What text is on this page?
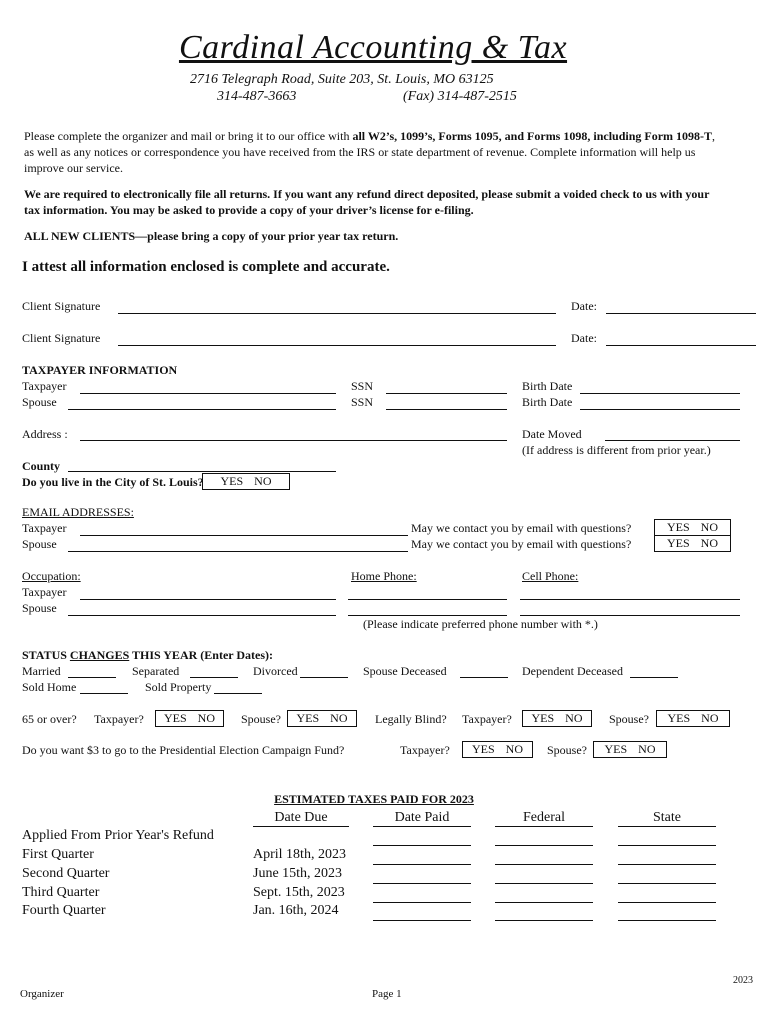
Cardinal Accounting & Tax
2716 Telegraph Road, Suite 203, St. Louis, MO 63125
314-487-3663	(Fax) 314-487-2515
Please complete the organizer and mail or bring it to our office with all W2’s, 1099’s, Forms 1095, and Forms 1098, including Form 1098-T, as well as any notices or correspondence you have received from the IRS or state department of revenue. Complete information will help us improve our service.
We are required to electronically file all returns. If you want any refund direct deposited, please submit a voided check to us with your tax information. You may be asked to provide a copy of your driver’s license for e-filing.
ALL NEW CLIENTS—please bring a copy of your prior year tax return.
I attest all information enclosed is complete and accurate.
Client Signature	Date:
Client Signature	Date:
TAXPAYER INFORMATION
Taxpayer	SSN	Birth Date
Spouse	SSN	Birth Date
Address :	Date Moved
(If address is different from prior year.)
County
Do you live in the City of St. Louis?	YES NO
EMAIL ADDRESSES:
Taxpayer	May we contact you by email with questions?	YES NO
Spouse	May we contact you by email with questions?	YES NO
Occupation:	Home Phone:	Cell Phone:
Taxpayer
Spouse
(Please indicate preferred phone number with *.)
STATUS CHANGES THIS YEAR (Enter Dates):
Married	Separated	Divorced	Spouse Deceased	Dependent Deceased
Sold Home	Sold Property
65 or over? Taxpayer?	YES NO	Spouse?	YES NO	Legally Blind? Taxpayer?	YES NO	Spouse?	YES NO
Do you want $3 to go to the Presidential Election Campaign Fund?	Taxpayer?	YES NO	Spouse?	YES NO
ESTIMATED TAXES PAID FOR 2023
Date Due	Date Paid	Federal	State
2023
Organizer	Page 1
Applied From Prior Year's Refund
First Quarter	April 18th, 2023
Second Quarter	June 15th, 2023
Third Quarter	Sept. 15th, 2023
Fourth Quarter	Jan. 16th, 2024
